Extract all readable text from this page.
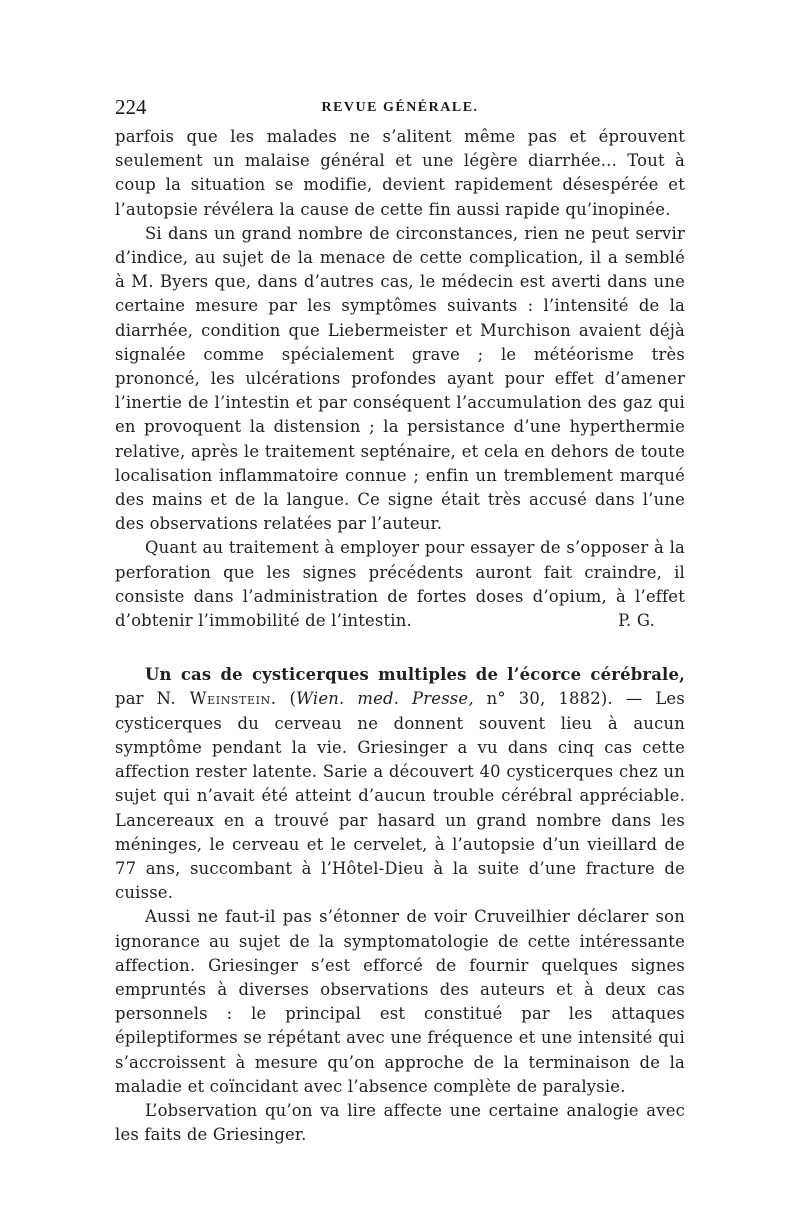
224	REVUE GÉNÉRALE.

parfois que les malades ne s’alitent même pas et éprouvent seulement un malaise général et une légère diarrhée... Tout à coup la situation se modifie, devient rapidement désespérée et l’autopsie révélera la cause de cette fin aussi rapide qu’inopinée.

Si dans un grand nombre de circonstances, rien ne peut servir d’indice, au sujet de la menace de cette complication, il a semblé à M. Byers que, dans d’autres cas, le médecin est averti dans une certaine mesure par les symptômes suivants : l’intensité de la diarrhée, condition que Liebermeister et Murchison avaient déjà signalée comme spécialement grave ; le météorisme très prononcé, les ulcérations profondes ayant pour effet d’amener l’inertie de l’intestin et par conséquent l’accumulation des gaz qui en provoquent la distension ; la persistance d’une hyperthermie relative, après le traitement septénaire, et cela en dehors de toute localisation inflammatoire connue ; enfin un tremblement marqué des mains et de la langue. Ce signe était très accusé dans l’une des observations relatées par l’auteur.

Quant au traitement à employer pour essayer de s’opposer à la perforation que les signes précédents auront fait craindre, il consiste dans l’administration de fortes doses d’opium, à l’effet d’obtenir l’immobilité de l’intestin.	P. G.

Un cas de cysticerques multiples de l’écorce cérébrale, par N. Weinstein. (Wien. med. Presse, n° 30, 1882). — Les cysticerques du cerveau ne donnent souvent lieu à aucun symptôme pendant la vie. Griesinger a vu dans cinq cas cette affection rester latente. Sarie a découvert 40 cysticerques chez un sujet qui n’avait été atteint d’aucun trouble cérébral appréciable. Lancereaux en a trouvé par hasard un grand nombre dans les méninges, le cerveau et le cervelet, à l’autopsie d’un vieillard de 77 ans, succombant à l’Hôtel-Dieu à la suite d’une fracture de cuisse.

Aussi ne faut-il pas s’étonner de voir Cruveilhier déclarer son ignorance au sujet de la symptomatologie de cette intéressante affection. Griesinger s’est efforcé de fournir quelques signes empruntés à diverses observations des auteurs et à deux cas personnels : le principal est constitué par les attaques épileptiformes se répétant avec une fréquence et une intensité qui s’accroissent à mesure qu’on approche de la terminaison de la maladie et coïncidant avec l’absence complète de paralysie.

L’observation qu’on va lire affecte une certaine analogie avec les faits de Griesinger.
